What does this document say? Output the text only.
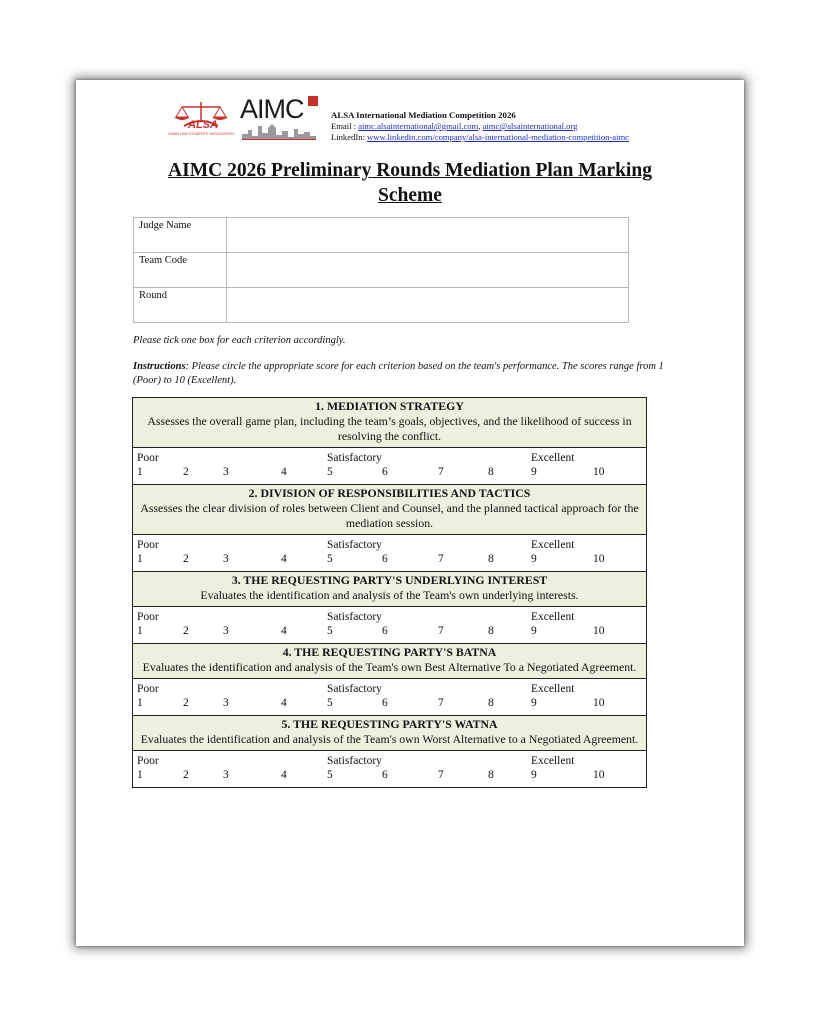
ALSA
ASIAN LAW STUDENTS' ASSOCIATION
AIMC	ALSA International Mediation Competition 2026
Email : aimc.alsainternational@gmail.com, aimc@alsainternational.org
LinkedIn: www.linkedin.com/company/alsa-international-mediation-competition-aimc
AIMC 2026 Preliminary Rounds Mediation Plan Marking
Scheme
Judge Name	
Team Code	
Round	
Please tick one box for each criterion accordingly.
Instructions: Please circle the appropriate score for each criterion based on the team's performance. The scores range from 1 (Poor) to 10 (Excellent).
1. MEDIATION STRATEGY
Assesses the overall game plan, including the team’s goals, objectives, and the likelihood of success in resolving the conflict.
Poor	Satisfactory	Excellent
1	2	3	4	5	6	7	8	9	10
2. DIVISION OF RESPONSIBILITIES AND TACTICS
Assesses the clear division of roles between Client and Counsel, and the planned tactical approach for the mediation session.
Poor	Satisfactory	Excellent
1	2	3	4	5	6	7	8	9	10
3. THE REQUESTING PARTY'S UNDERLYING INTEREST
Evaluates the identification and analysis of the Team's own underlying interests.
Poor	Satisfactory	Excellent
1	2	3	4	5	6	7	8	9	10
4. THE REQUESTING PARTY'S BATNA
Evaluates the identification and analysis of the Team's own Best Alternative To a Negotiated Agreement.
Poor	Satisfactory	Excellent
1	2	3	4	5	6	7	8	9	10
5. THE REQUESTING PARTY'S WATNA
Evaluates the identification and analysis of the Team's own Worst Alternative to a Negotiated Agreement.
Poor	Satisfactory	Excellent
1	2	3	4	5	6	7	8	9	10
